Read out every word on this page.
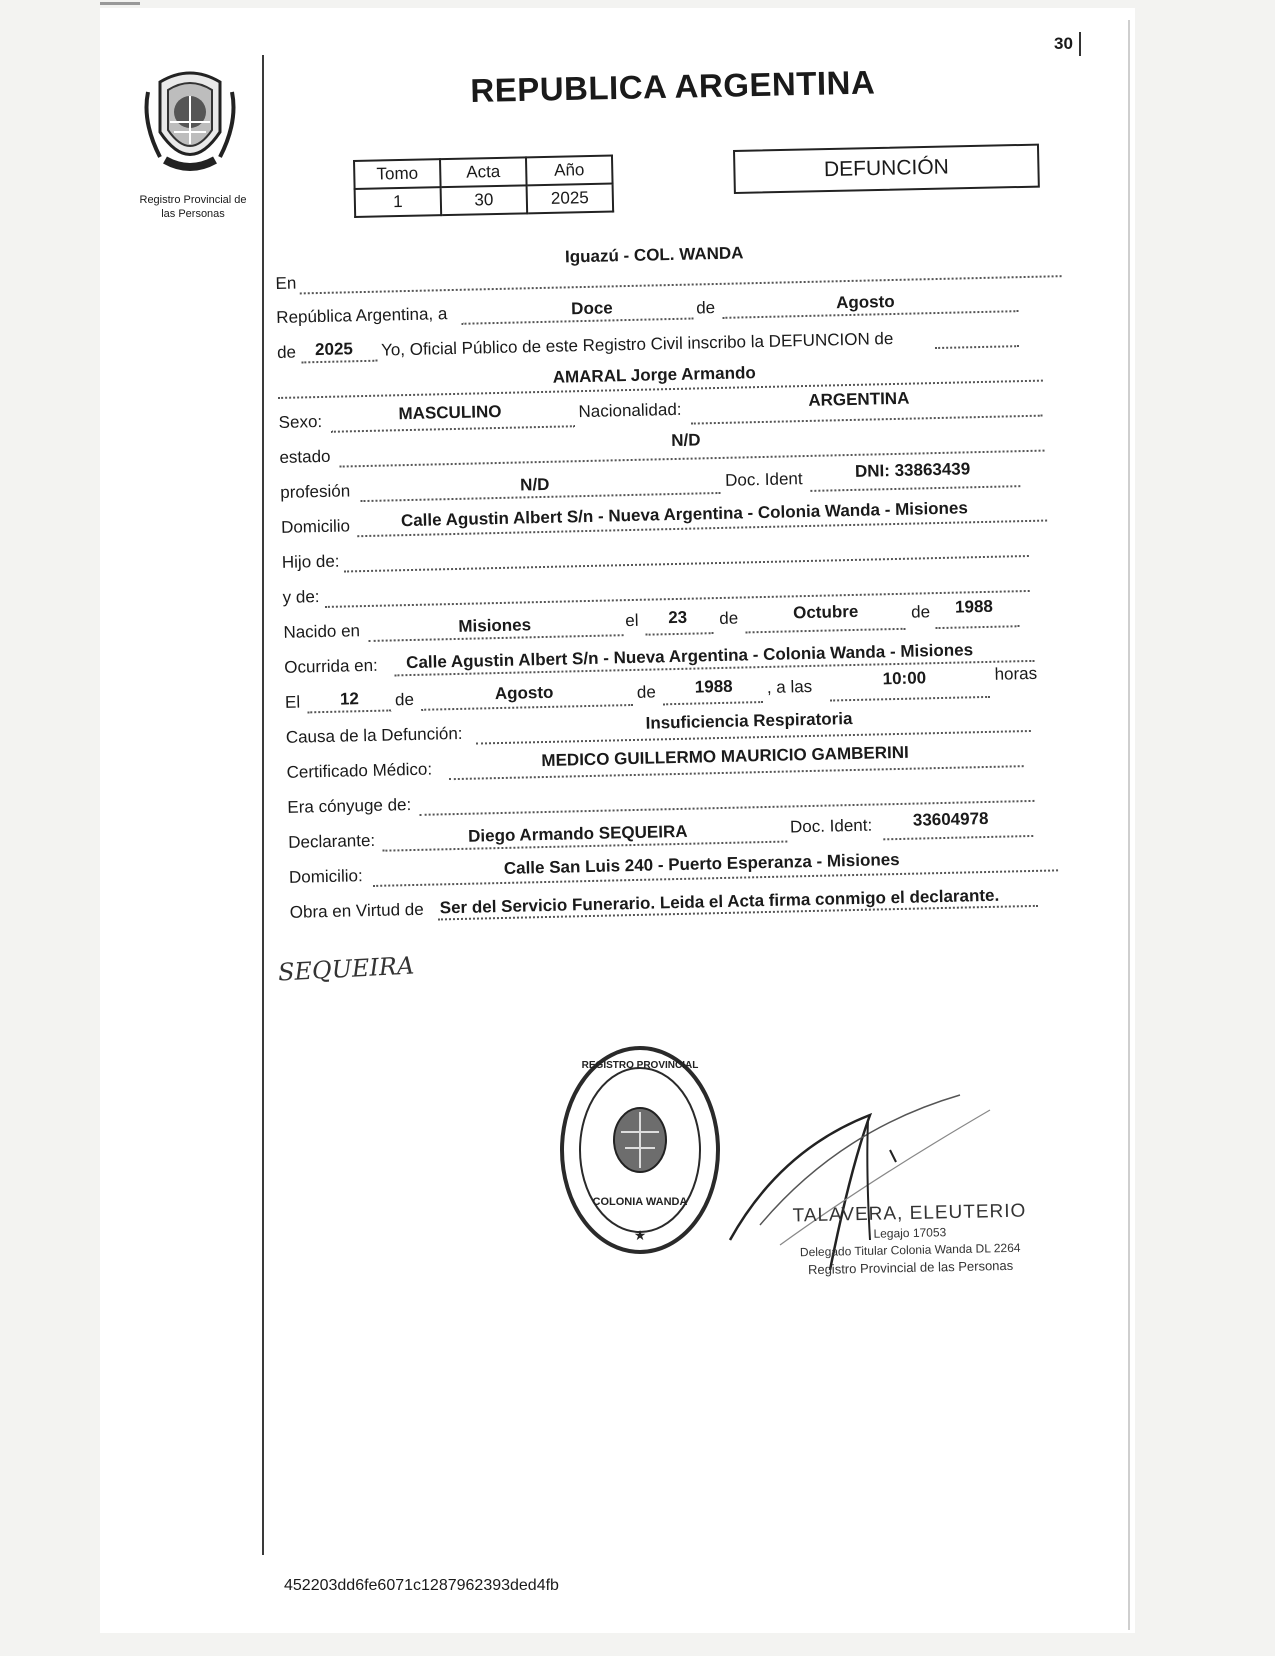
30
Registro Provincial de
las Personas
REPUBLICA ARGENTINA
Tomo	Acta	Año
1	30	2025
DEFUNCIÓN
En
Iguazú - COL. WANDA
República Argentina, a	Doce	de	Agosto
de 2025 Yo, Oficial Público de este Registro Civil inscribo la DEFUNCION de
AMARAL Jorge Armando
Sexo:	MASCULINO	Nacionalidad:
ARGENTINA
estado
N/D
profesión	N/D	Doc. Ident	DNI: 33863439
Domicilio	Calle Agustin Albert S/n - Nueva Argentina - Colonia Wanda - Misiones
Hijo de:
y de:
Nacido en	Misiones	el 23 de	Octubre	de 1988
Ocurrida en: Calle Agustin Albert S/n - Nueva Argentina - Colonia Wanda - Misiones
El 12 de	Agosto	de 1988 , a las	10:00	horas
Causa de la Defunción:
Insuficiencia Respiratoria
Certificado Médico:
MEDICO GUILLERMO MAURICIO GAMBERINI
Era cónyuge de:
Declarante:	Diego Armando SEQUEIRA	Doc. Ident: 33604978
Domicilio:	Calle San Luis 240 - Puerto Esperanza - Misiones
Obra en Virtud de Ser del Servicio Funerario. Leida el Acta firma conmigo el declarante.
SEQUEIRA
REGISTRO PROVINCIAL
COLONIA WANDA
★
TALAVERA, ELEUTERIO
Legajo 17053
Delegado Titular Colonia Wanda DL 2264
Registro Provincial de las Personas
452203dd6fe6071c1287962393ded4fb
